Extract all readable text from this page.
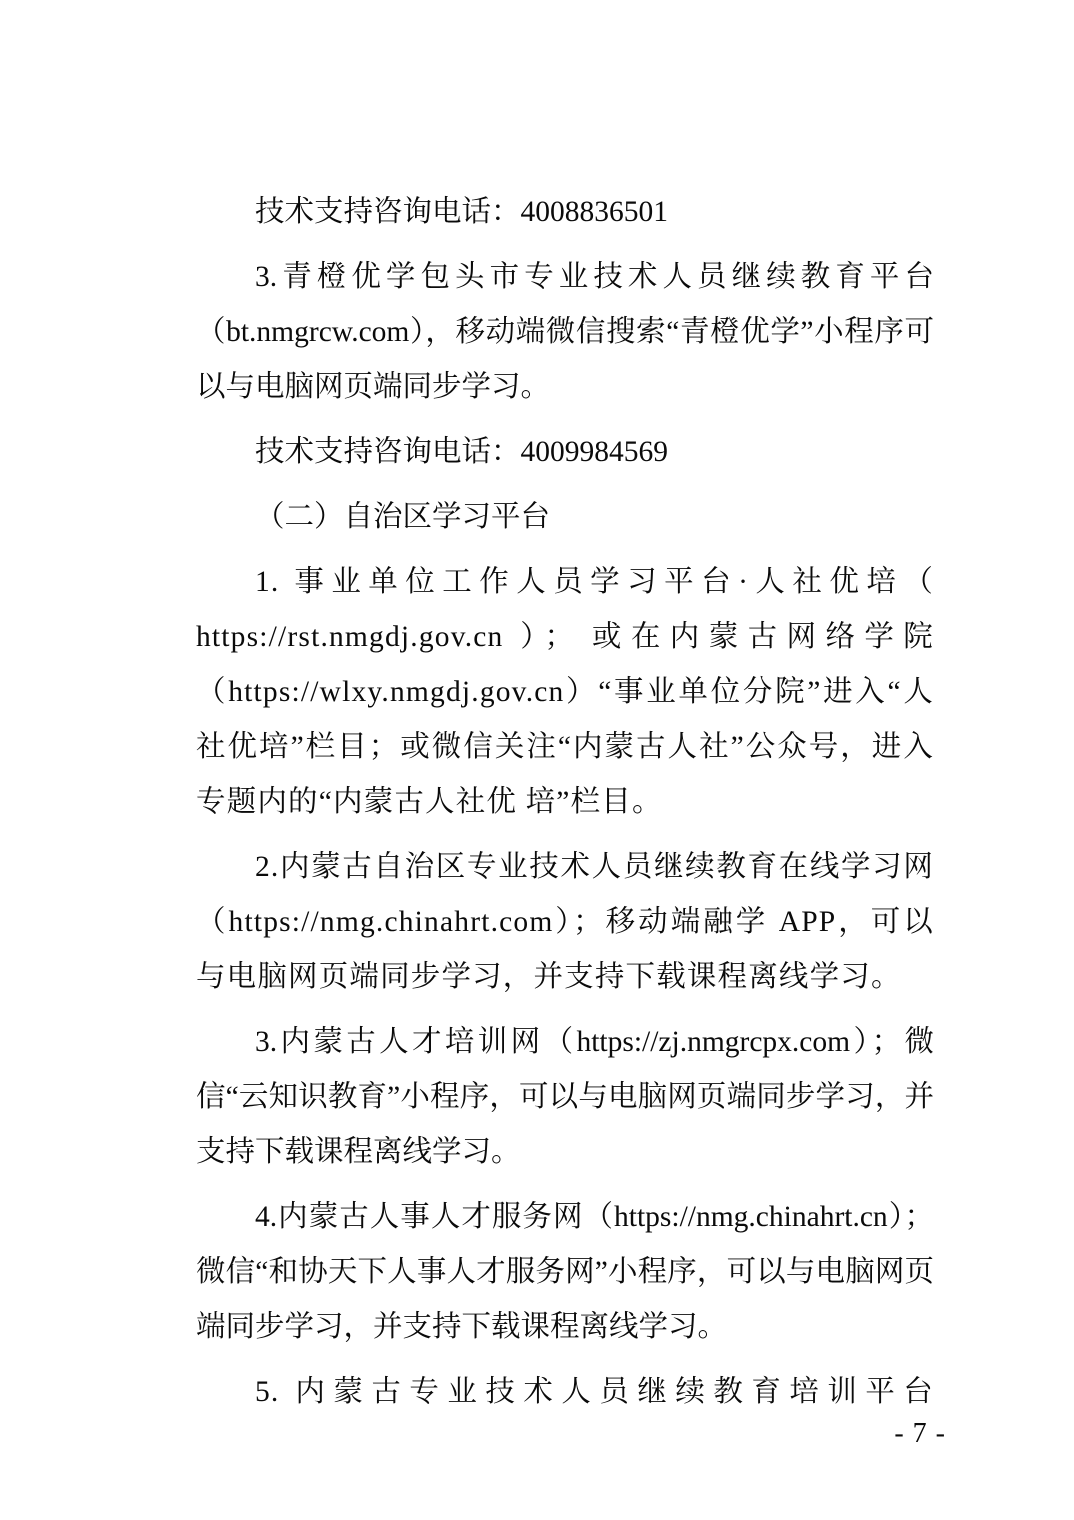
技术支持咨询电话：4008836501

3.青橙优学包头市专业技术人员继续教育平台（bt.nmgrcw.com），移动端微信搜索“青橙优学”小程序可以与电脑网页端同步学习。

技术支持咨询电话：4009984569

（二）自治区学习平台

1. 事业单位工作人员学习平台·人社优培（ https://rst.nmgdj.gov.cn ）； 或在内蒙古网络学院（https://wlxy.nmgdj.gov.cn）“事业单位分院”进入“人社优培”栏目；或微信关注“内蒙古人社”公众号，进入专题内的“内蒙古人社优 培”栏目。

2.内蒙古自治区专业技术人员继续教育在线学习网（https://nmg.chinahrt.com）；移动端融学 APP，可以与电脑网页端同步学习，并支持下载课程离线学习。

3.内蒙古人才培训网（https://zj.nmgrcpx.com）；微信“云知识教育”小程序，可以与电脑网页端同步学习，并支持下载课程离线学习。

4.内蒙古人事人才服务网（https://nmg.chinahrt.cn）；微信“和协天下人事人才服务网”小程序，可以与电脑网页端同步学习，并支持下载课程离线学习。

5. 内蒙古专业技术人员继续教育培训平台

- 7 -
